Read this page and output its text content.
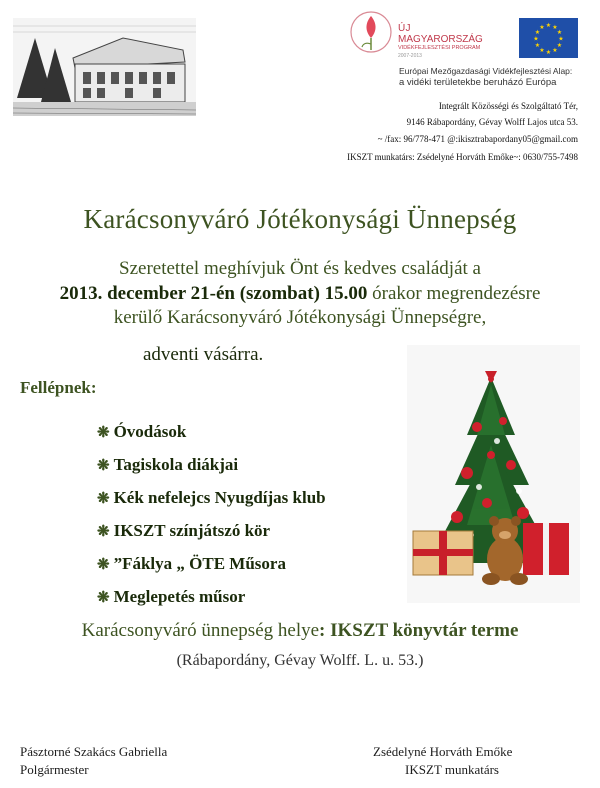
ÚJ
MAGYARORSZÁG
VIDÉKFEJLESZTÉSI PROGRAM
2007-2013
★ ★
★
★
★
★
★
★
★
★
★
★
Európai Mezőgazdasági Vidékfejlesztési Alap:
a vidéki területekbe beruházó Európa
Integrált Közösségi és Szolgáltató Tér,
9146 Rábapordány, Gévay Wolff Lajos utca 53.
~ /fax: 96/778-471 @:ikisztrabapordany05@gmail.com
IKSZT munkatárs: Zsédelyné Horváth Emőke~: 0630/755-7498
Karácsonyváró Jótékonysági Ünnepség
Szeretettel meghívjuk Önt és kedves családját a
2013. december 21-én (szombat) 15.00 órakor megrendezésre
kerülő Karácsonyváró Jótékonysági Ünnepségre,
adventi vásárra.
Fellépnek:
❋ Óvodások
❋ Tagiskola diákjai
❋ Kék nefelejcs Nyugdíjas klub
❋ IKSZT színjátszó kör
❋ ”Fáklya „ ÖTE Műsora
❋ Meglepetés műsor
Karácsonyváró ünnepség helye: IKSZT könyvtár terme
(Rábapordány, Gévay Wolff. L. u. 53.)
Pásztorné Szakács Gabriella
Polgármester
Zsédelyné Horváth Emőke
IKSZT munkatárs
